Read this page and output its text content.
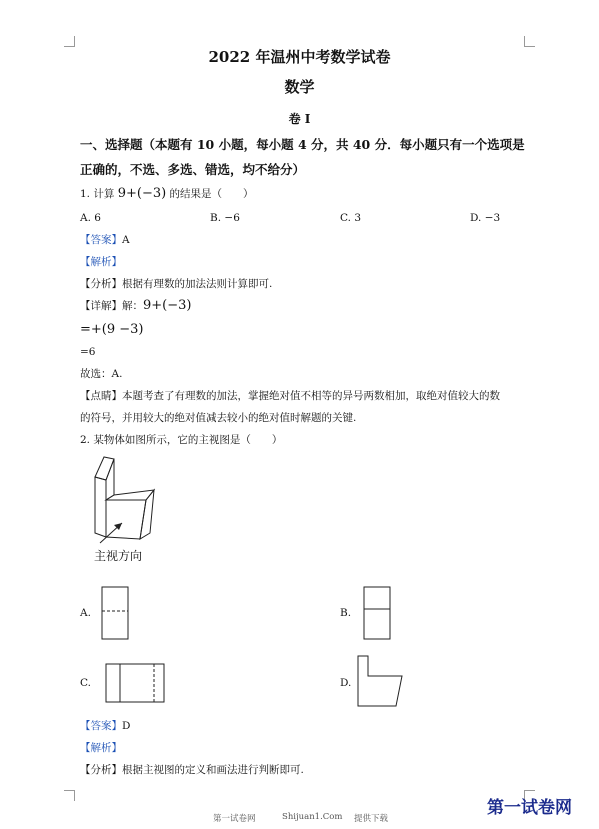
2022 年温州中考数学试卷
数学
卷 I
一、选择题（本题有 10 小题，每小题 4 分，共 40 分．每小题只有一个选项是
正确的，不选、多选、错选，均不给分）
1. 计算 9+(−3) 的结果是（　　）
A. 6	B. −6	C. 3	D. −3
【答案】A
【解析】
【分析】根据有理数的加法法则计算即可.
【详解】解：9+(−3)
=+(9 −3)
=6
故选：A.
【点睛】本题考查了有理数的加法，掌握绝对值不相等的异号两数相加，取绝对值较大的数
的符号，并用较大的绝对值减去较小的绝对值时解题的关键.
2. 某物体如图所示，它的主视图是（　　）
主视方向
A.	B.
C.	D.
【答案】D
【解析】
【分析】根据主视图的定义和画法进行判断即可.
第一试卷网	Shijuan1.Com 提供下载
第一试卷网
